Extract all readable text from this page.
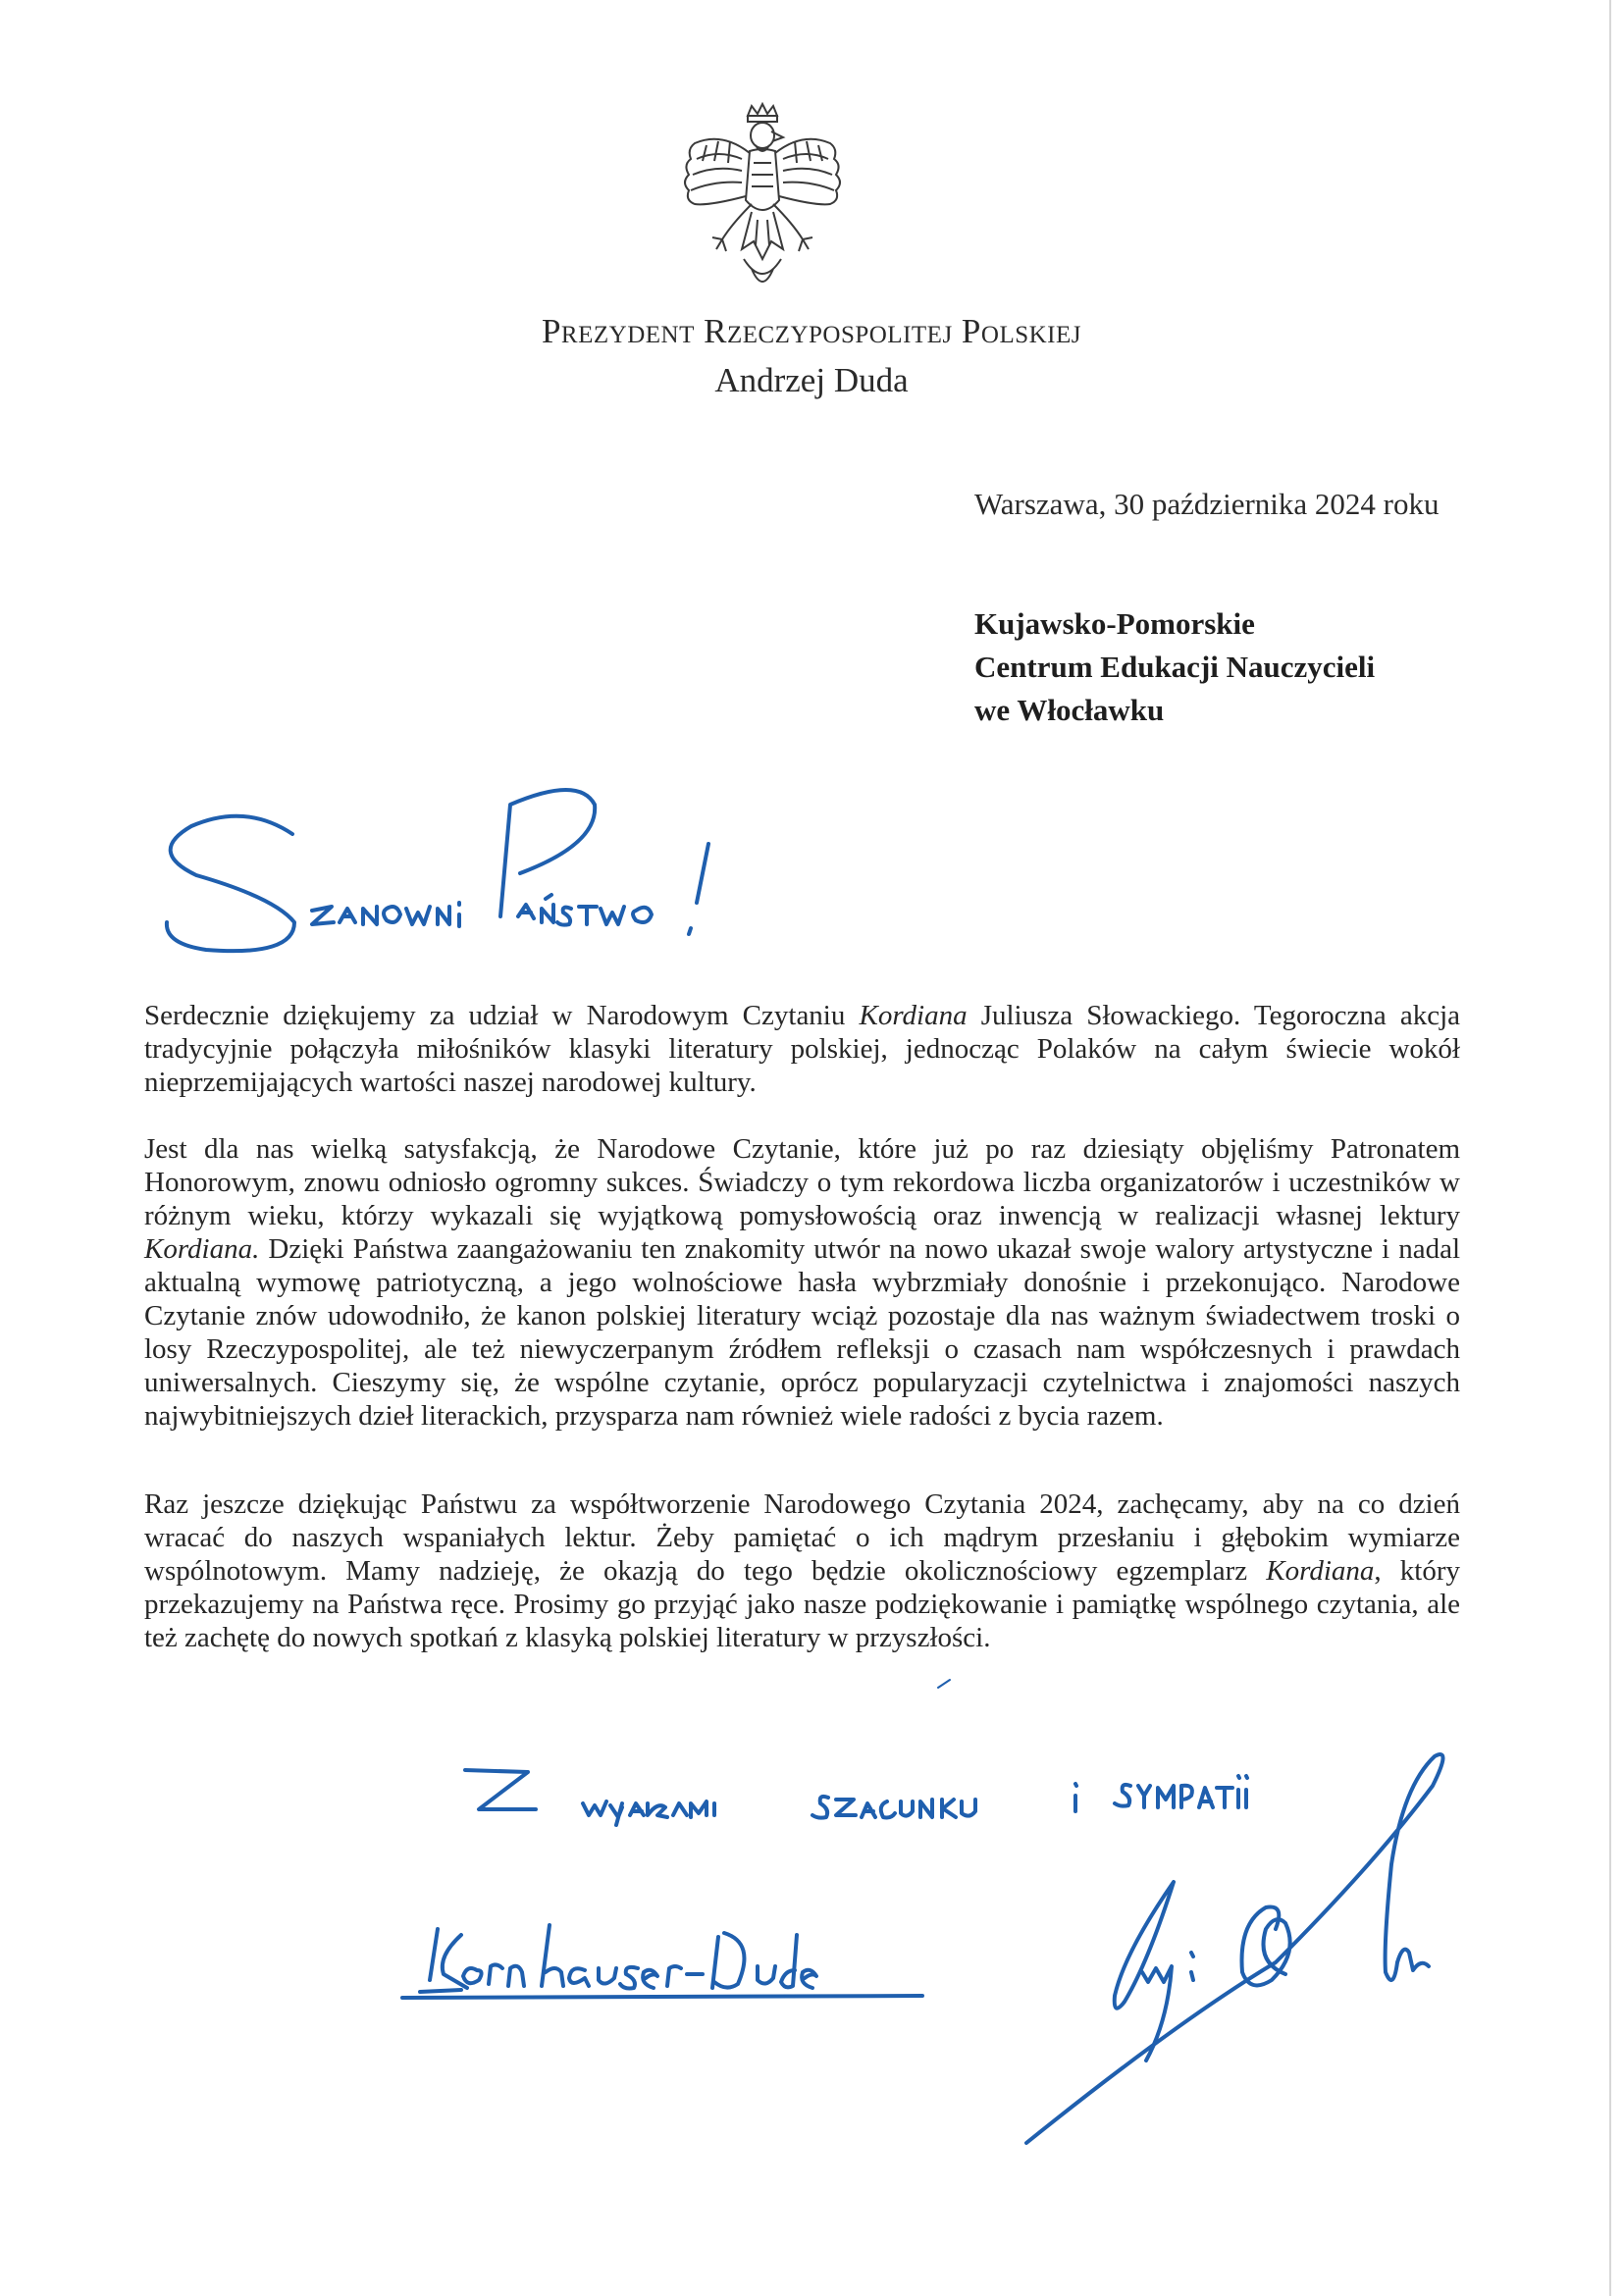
Prezydent Rzeczypospolitej Polskiej
Andrzej Duda
Warszawa, 30 października 2024 roku
Kujawsko-Pomorskie
Centrum Edukacji Nauczycieli
we Włocławku

Serdecznie dziękujemy za udział w Narodowym Czytaniu Kordiana Juliusza Słowackiego. Tegoroczna akcja tradycyjnie połączyła miłośników klasyki literatury polskiej, jednocząc Polaków na całym świecie wokół nieprzemijających wartości naszej narodowej kultury.

Jest dla nas wielką satysfakcją, że Narodowe Czytanie, które już po raz dziesiąty objęliśmy Patronatem Honorowym, znowu odniosło ogromny sukces. Świadczy o tym rekordowa liczba organizatorów i uczestników w różnym wieku, którzy wykazali się wyjątkową pomysłowością oraz inwencją w realizacji własnej lektury Kordiana. Dzięki Państwa zaangażowaniu ten znakomity utwór na nowo ukazał swoje walory artystyczne i nadal aktualną wymowę patriotyczną, a jego wolnościowe hasła wybrzmiały donośnie i przekonująco. Narodowe Czytanie znów udowodniło, że kanon polskiej literatury wciąż pozostaje dla nas ważnym świadectwem troski o losy Rzeczypospolitej, ale też niewyczerpanym źródłem refleksji o czasach nam współczesnych i prawdach uniwersalnych. Cieszymy się, że wspólne czytanie, oprócz popularyzacji czytelnictwa i znajomości naszych najwybitniejszych dzieł literackich, przysparza nam również wiele radości z bycia razem.

Raz jeszcze dziękując Państwu za współtworzenie Narodowego Czytania 2024, zachęcamy, aby na co dzień wracać do naszych wspaniałych lektur. Żeby pamiętać o ich mądrym przesłaniu i głębokim wymiarze wspólnotowym. Mamy nadzieję, że okazją do tego będzie okolicznościowy egzemplarz Kordiana, który przekazujemy na Państwa ręce. Prosimy go przyjąć jako nasze podziękowanie i pamiątkę wspólnego czytania, ale też zachętę do nowych spotkań z klasyką polskiej literatury w przyszłości.
